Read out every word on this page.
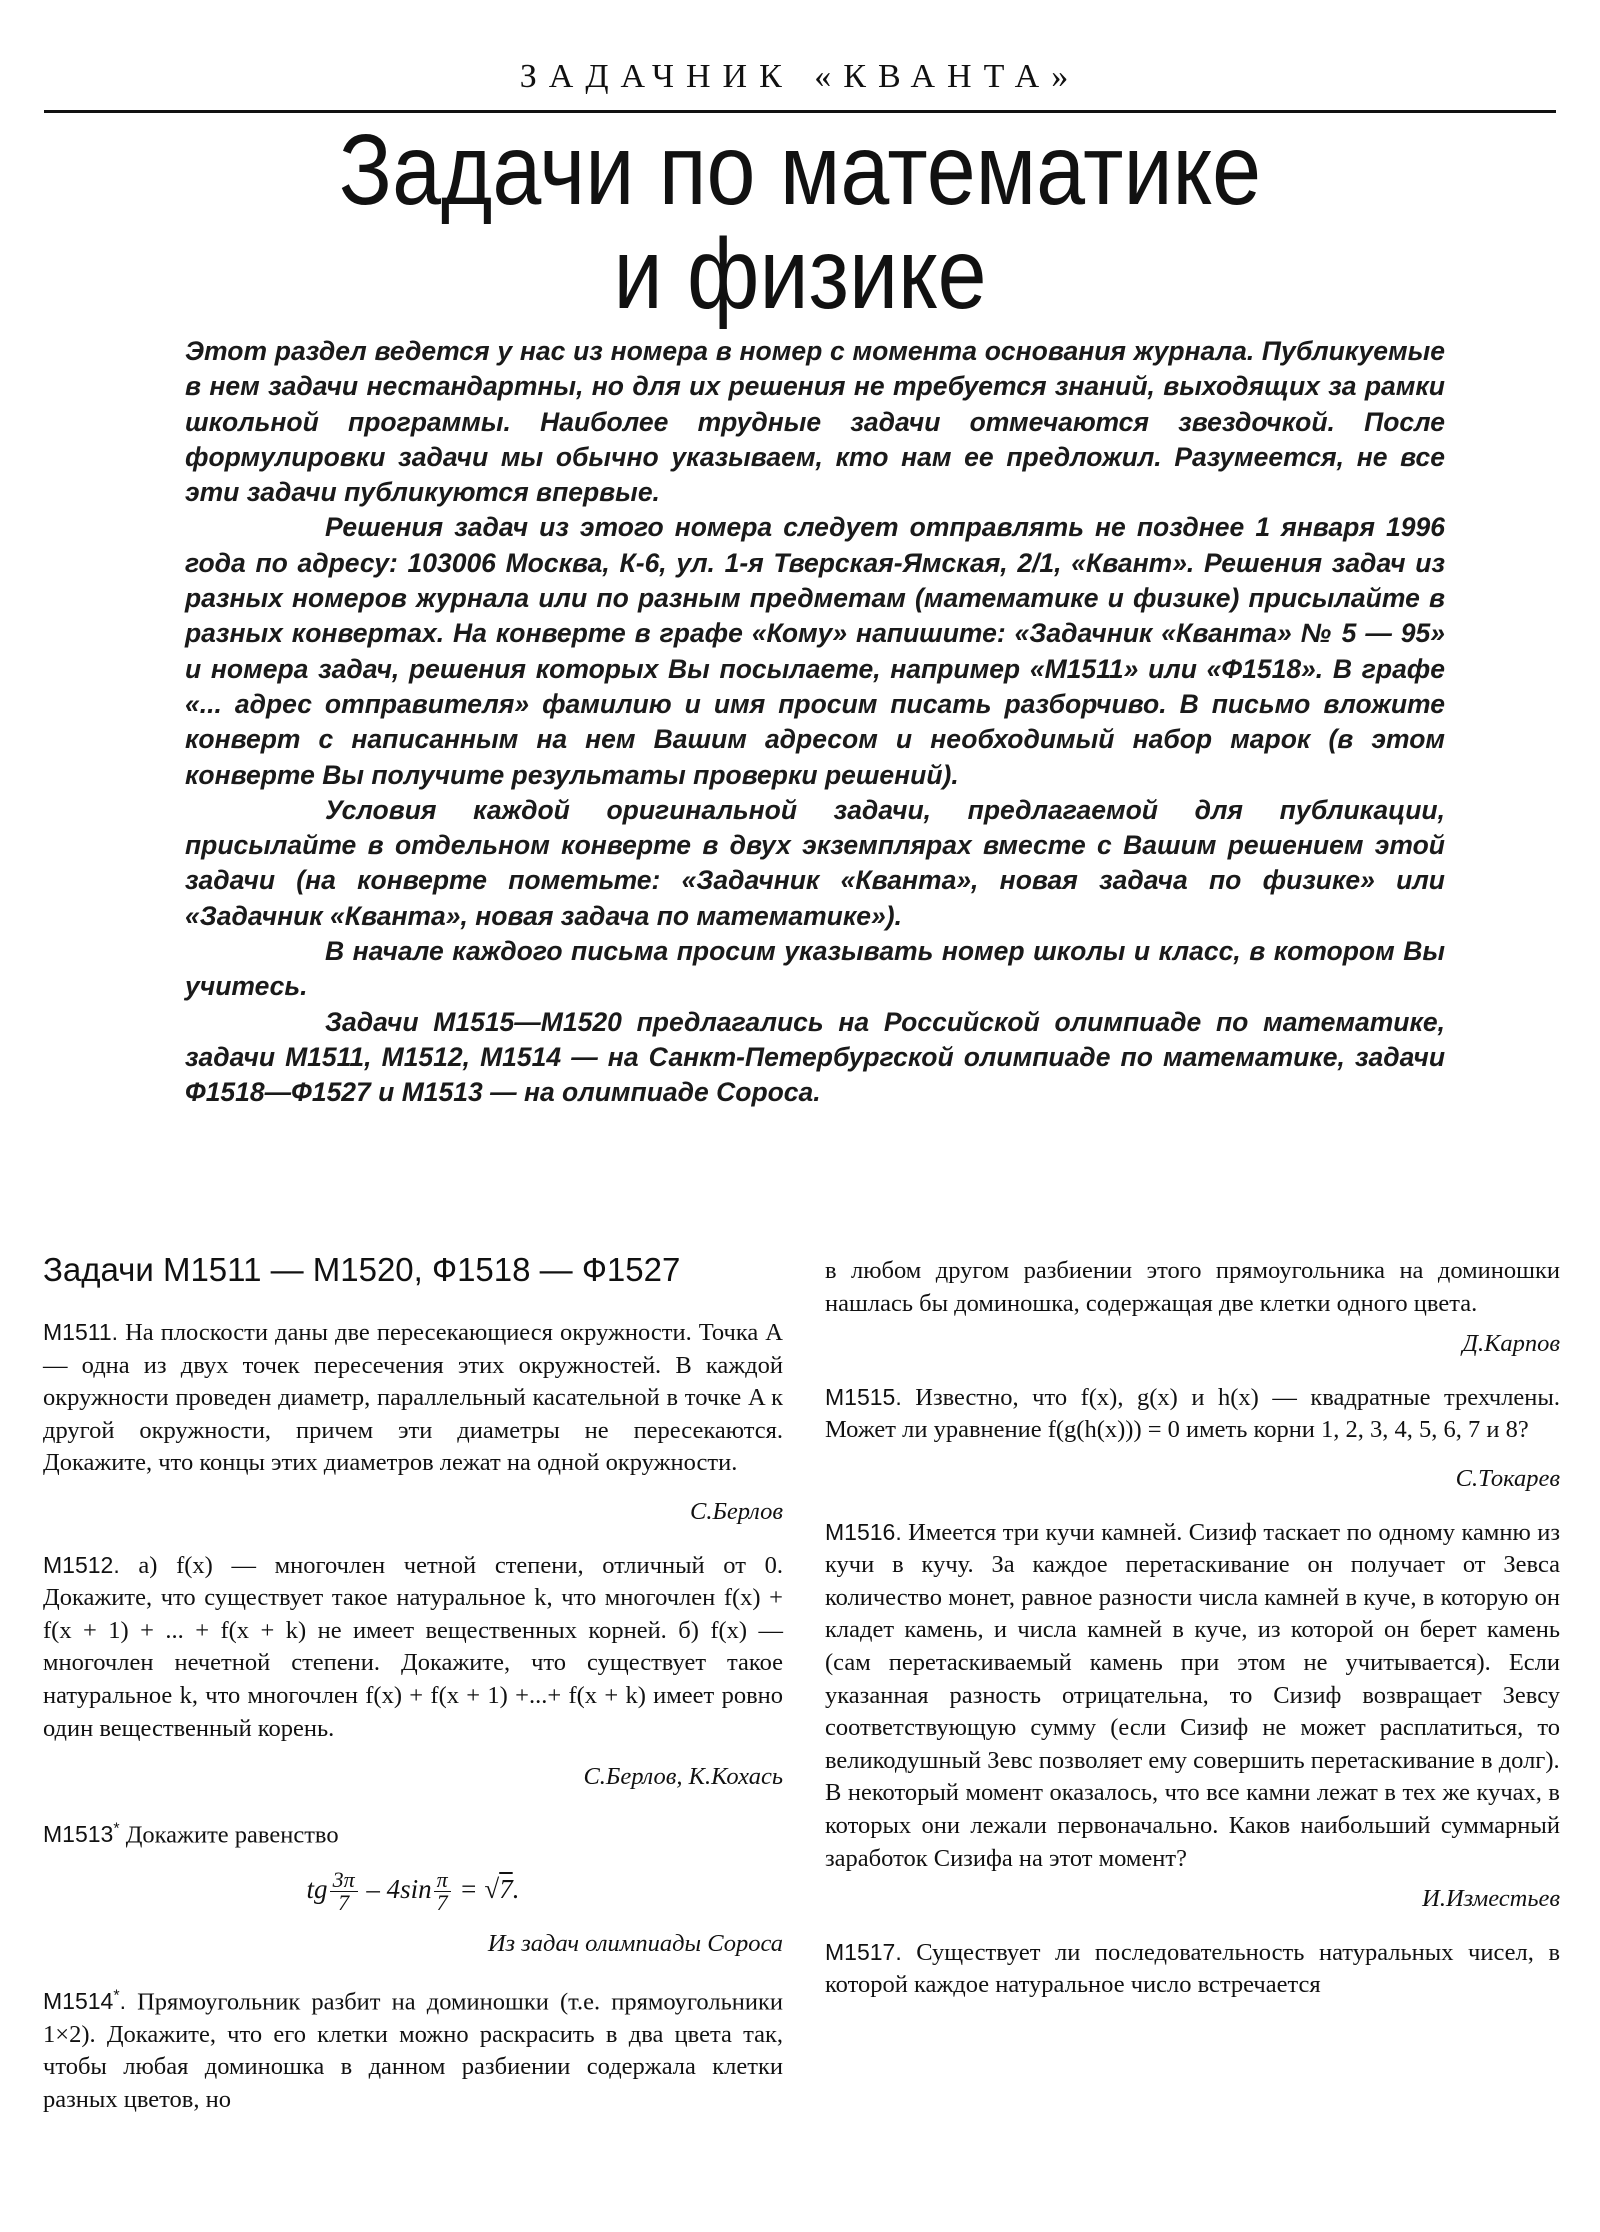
ЗАДАЧНИК «КВАНТА»
Задачи по математике
и физике

Этот раздел ведется у нас из номера в номер с момента основания журнала. Публикуемые в нем задачи нестандартны, но для их решения не требуется знаний, выходящих за рамки школьной программы. Наиболее трудные задачи отмечаются звездочкой. После формулировки задачи мы обычно указываем, кто нам ее предложил. Разумеется, не все эти задачи публикуются впервые.

Решения задач из этого номера следует отправлять не позднее 1 января 1996 года по адресу: 103006 Москва, К-6, ул. 1-я Тверская-Ямская, 2/1, «Квант». Решения задач из разных номеров журнала или по разным предметам (математике и физике) присылайте в разных конвертах. На конверте в графе «Кому» напишите: «Задачник «Кванта» № 5 — 95» и номера задач, решения которых Вы посылаете, например «М1511» или «Ф1518». В графе «... адрес отправителя» фамилию и имя просим писать разборчиво. В письмо вложите конверт с написанным на нем Вашим адресом и необходимый набор марок (в этом конверте Вы получите результаты проверки решений).

Условия каждой оригинальной задачи, предлагаемой для публикации, присылайте в отдельном конверте в двух экземплярах вместе с Вашим решением этой задачи (на конверте пометьте: «Задачник «Кванта», новая задача по физике» или «Задачник «Кванта», новая задача по математике»).

В начале каждого письма просим указывать номер школы и класс, в котором Вы учитесь.

Задачи М1515—М1520 предлагались на Российской олимпиаде по математике, задачи М1511, М1512, М1514 — на Санкт-Петербургской олимпиаде по математике, задачи Ф1518—Ф1527 и М1513 — на олимпиаде Сороса.

Задачи М1511 — М1520, Ф1518 — Ф1527

М1511. На плоскости даны две пересекающиеся окружности. Точка A — одна из двух точек пересечения этих окружностей. В каждой окружности проведен диаметр, параллельный касательной в точке A к другой окружности, причем эти диаметры не пересекаются. Докажите, что концы этих диаметров лежат на одной окружности.

С.Берлов

М1512. а) f(x) — многочлен четной степени, отличный от 0. Докажите, что существует такое натуральное k, что многочлен f(x) + f(x + 1) + ... + f(x + k) не имеет вещественных корней. б) f(x) — многочлен нечетной степени. Докажите, что существует такое натуральное k, что многочлен f(x) + f(x + 1) +...+ f(x + k) имеет ровно один вещественный корень.

С.Берлов, К.Кохась

М1513* Докажите равенство

tg $\frac{3\pi}{7} - 4\sin \frac{\pi}{7} = √7$.
Из задач олимпиады Сороса

М1514*. Прямоугольник разбит на доминошки (т.е. прямоугольники 1×2). Докажите, что его клетки можно раскрасить в два цвета так, чтобы любая доминошка в данном разбиении содержала клетки разных цветов, но

в любом другом разбиении этого прямоугольника на доминошки нашлась бы доминошка, содержащая две клетки одного цвета.

Д.Карпов

М1515. Известно, что f(x), g(x) и h(x) — квадратные трехчлены. Может ли уравнение f(g(h(x))) = 0 иметь корни 1, 2, 3, 4, 5, 6, 7 и 8?

С.Токарев

М1516. Имеется три кучи камней. Сизиф таскает по одному камню из кучи в кучу. За каждое перетаскивание он получает от Зевса количество монет, равное разности числа камней в куче, в которую он кладет камень, и числа камней в куче, из которой он берет камень (сам перетаскиваемый камень при этом не учитывается). Если указанная разность отрицательна, то Сизиф возвращает Зевсу соответствующую сумму (если Сизиф не может расплатиться, то великодушный Зевс позволяет ему совершить перетаскивание в долг).

В некоторый момент оказалось, что все камни лежат в тех же кучах, в которых они лежали первоначально. Каков наибольший суммарный заработок Сизифа на этот момент?

И.Изместьев

М1517. Существует ли последовательность натуральных чисел, в которой каждое натуральное число встречается
